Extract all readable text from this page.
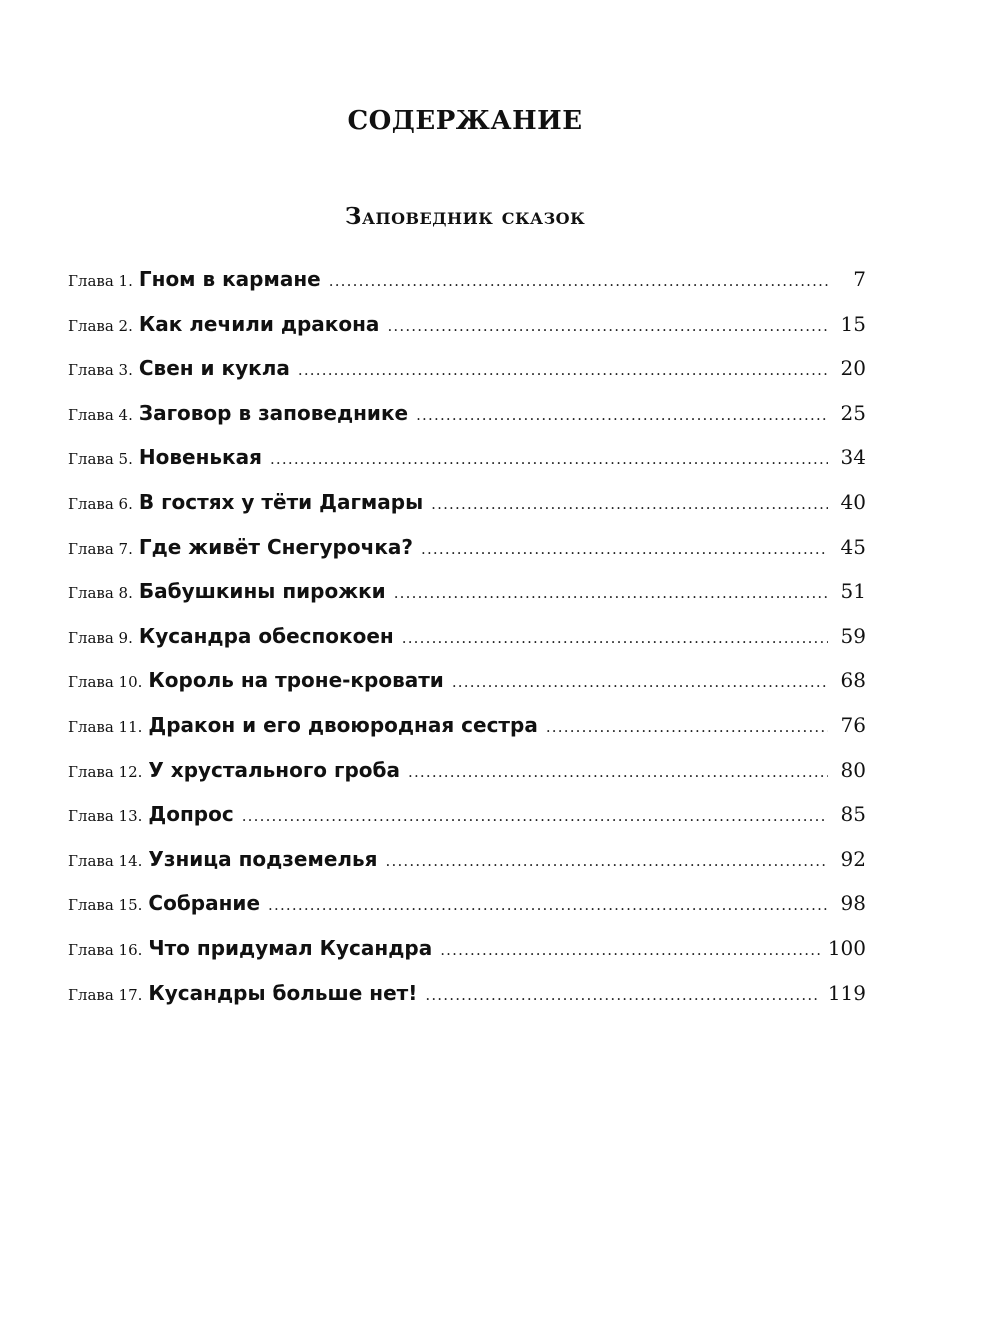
СОДЕРЖАНИЕ
Заповедник сказок
Глава 1. Гном в кармане .....	7
Глава 2. Как лечили дракона .....	15
Глава 3. Свен и кукла .....	20
Глава 4. Заговор в заповеднике .....	25
Глава 5. Новенькая .....	34
Глава 6. В гостях у тёти Дагмары .....	40
Глава 7. Где живёт Снегурочка? .....	45
Глава 8. Бабушкины пирожки .....	51
Глава 9. Кусандра обеспокоен .....	59
Глава 10. Король на троне-кровати .....	68
Глава 11. Дракон и его двоюродная сестра .....	76
Глава 12. У хрустального гроба .....	80
Глава 13. Допрос .....	85
Глава 14. Узница подземелья .....	92
Глава 15. Собрание .....	98
Глава 16. Что придумал Кусандра .....	100
Глава 17. Кусандры больше нет! .....	119
